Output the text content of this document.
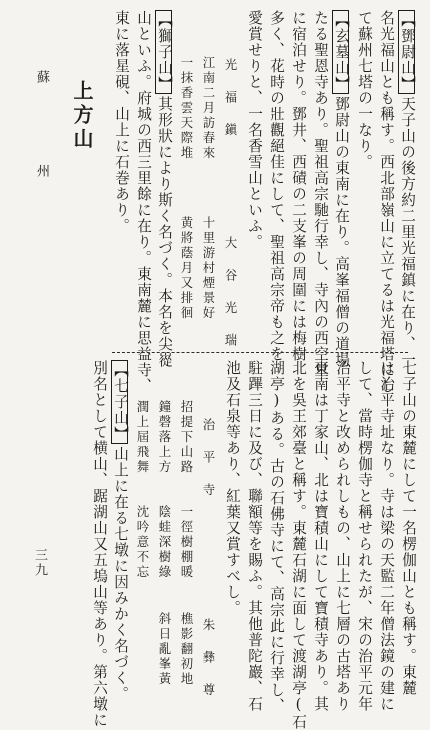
【鄧尉山】天子山の後方約二里光福鎮に在り、一
名光福山とも稱す。西北部嶺山に立てるは光福塔にし
て蘇州七塔の一なり。
【玄墓山】鄧尉山の東南に在り。高峯福僧の道場
たる聖恩寺あり。聖祖高宗馳行幸し、寺內の西空堂
に宿泊せり。鄧井、西磧の二支峯の周圍には梅樹
多く、花時の壯觀絕佳にして、聖祖高宗帝も之を
愛賞せりと、一名香雪山といふ。
光 福 鎭
大 谷 光 瑞
江南二月訪春來
十里游村煙景好
一抹香雲天際堆
黄將蔭月又排徊
【獅子山】其形狀により斯く名づく。本名を尖嵸
山といふ。府城の西三里餘に在り。東南麓に思益寺、
東に落星硯、山上に石巻あり。
上方山
蘇
州
七子山の東麓にして一名楞伽山とも稱す。東麓
は治平寺址なり。寺は梁の天監二年僧法鏡の建に
して、當時楞伽寺と稱せられたが、宋の治平元年
治平寺と改められしもの、山上に七層の古塔あり
東南は丁家山、北は寶積山にして寶積寺あり。其
北を吳王郊臺と稱す。東麓石湖に面して渡湖亭(石
湖亭)ある。古の石佛寺にて、高宗此に行幸し、
駐蹕三日に及び、聯額等を賜ふ。其他普陀巖、石
池及石泉等あり、紅葉又賞すべし。
治 平 寺
朱 彝 尊
招提下山路
一徑樹棚暖
樵影翻初地
鐘磬落上方
陰蛙深樹綠
斜日亂峯黃
潤上屆飛舞
沈吟意不忘
【七子山】山上に在る七墩に因みかく名づく。
別名として横山、踞湖山又五塢山等あり。第六墩に
三九
